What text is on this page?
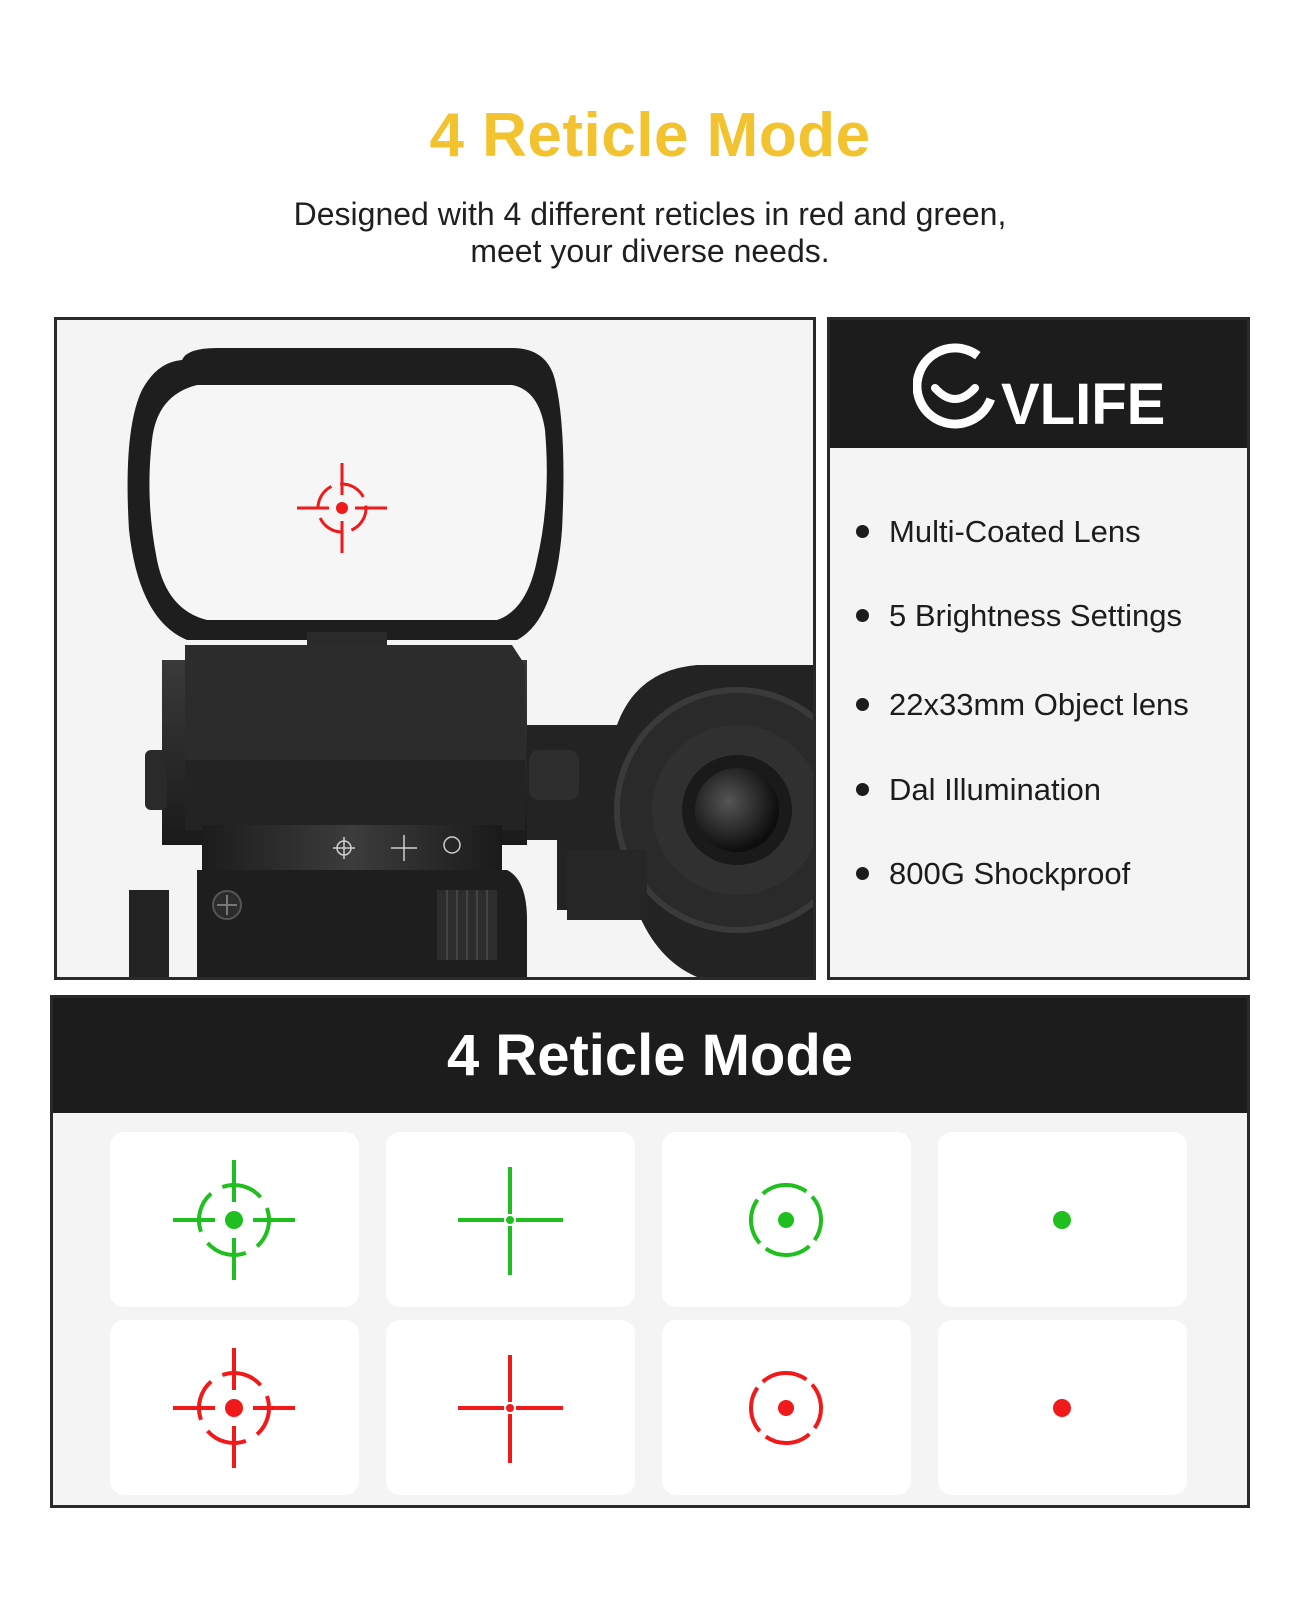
4 Reticle Mode
Designed with 4 different reticles in red and green,
meet your diverse needs.
VLIFE
Multi-Coated Lens
5 Brightness Settings
22x33mm Object lens
Dal Illumination
800G Shockproof
4 Reticle Mode
